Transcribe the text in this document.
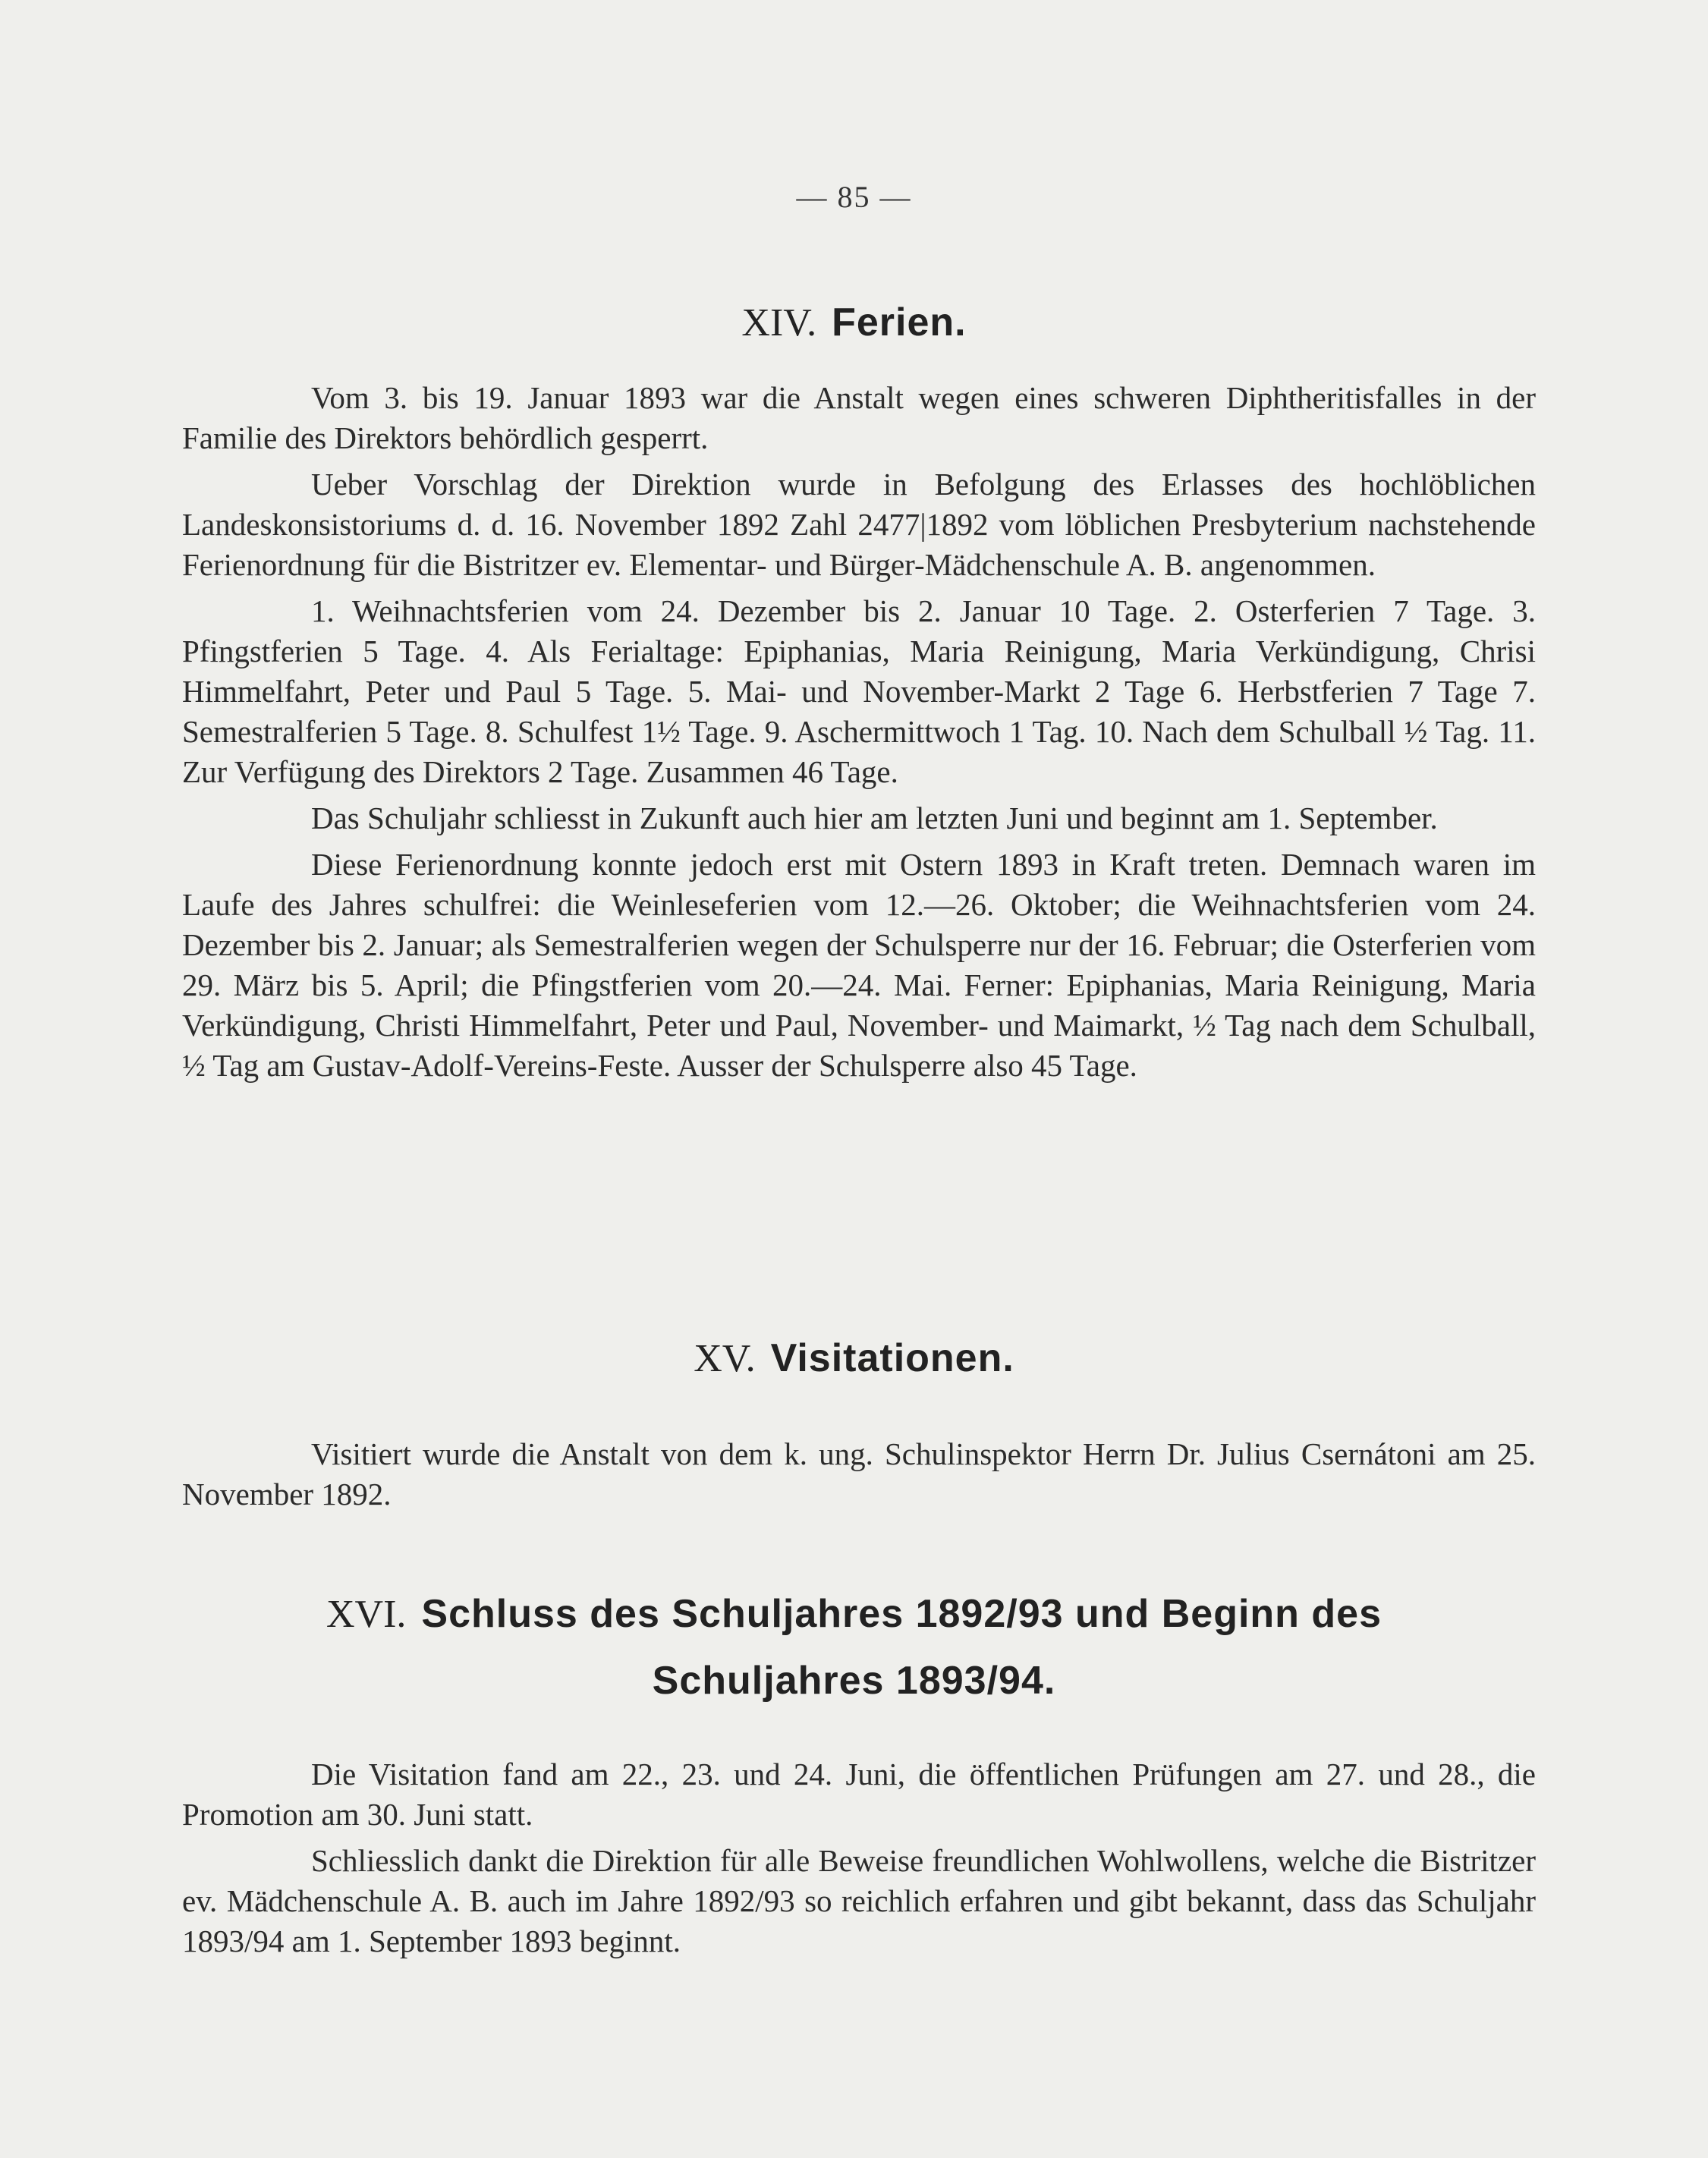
— 85 —
XIV. Ferien.

Vom 3. bis 19. Januar 1893 war die Anstalt wegen eines schweren Diphtheritisfalles in der Familie des Direktors behördlich gesperrt.

Ueber Vorschlag der Direktion wurde in Befolgung des Erlasses des hochlöblichen Landeskonsistoriums d. d. 16. November 1892 Zahl 2477|1892 vom löblichen Presbyterium nachstehende Ferienordnung für die Bistritzer ev. Elementar- und Bürger-Mädchenschule A. B. angenommen.

1. Weihnachtsferien vom 24. Dezember bis 2. Januar 10 Tage. 2. Osterferien 7 Tage. 3. Pfingstferien 5 Tage. 4. Als Ferialtage: Epiphanias, Maria Reinigung, Maria Verkündigung, Chrisi Himmelfahrt, Peter und Paul 5 Tage. 5. Mai- und November-Markt 2 Tage 6. Herbstferien 7 Tage 7. Semestralferien 5 Tage. 8. Schulfest 1½ Tage. 9. Aschermittwoch 1 Tag. 10. Nach dem Schulball ½ Tag. 11. Zur Verfügung des Direktors 2 Tage. Zusammen 46 Tage.

Das Schuljahr schliesst in Zukunft auch hier am letzten Juni und beginnt am 1. September.

Diese Ferienordnung konnte jedoch erst mit Ostern 1893 in Kraft treten. Demnach waren im Laufe des Jahres schulfrei: die Weinleseferien vom 12.—26. Oktober; die Weihnachtsferien vom 24. Dezember bis 2. Januar; als Semestralferien wegen der Schulsperre nur der 16. Februar; die Osterferien vom 29. März bis 5. April; die Pfingstferien vom 20.—24. Mai. Ferner: Epiphanias, Maria Reinigung, Maria Verkündigung, Christi Himmelfahrt, Peter und Paul, November- und Maimarkt, ½ Tag nach dem Schulball, ½ Tag am Gustav-Adolf-Vereins-Feste. Ausser der Schulsperre also 45 Tage.

XV. Visitationen.

Visitiert wurde die Anstalt von dem k. ung. Schulinspektor Herrn Dr. Julius Csernátoni am 25. November 1892.

XVI. Schluss des Schuljahres 1892/93 und Beginn des
Schuljahres 1893/94.

Die Visitation fand am 22., 23. und 24. Juni, die öffentlichen Prüfungen am 27. und 28., die Promotion am 30. Juni statt.

Schliesslich dankt die Direktion für alle Beweise freundlichen Wohlwollens, welche die Bistritzer ev. Mädchenschule A. B. auch im Jahre 1892/93 so reichlich erfahren und gibt bekannt, dass das Schuljahr 1893/94 am 1. September 1893 beginnt.
